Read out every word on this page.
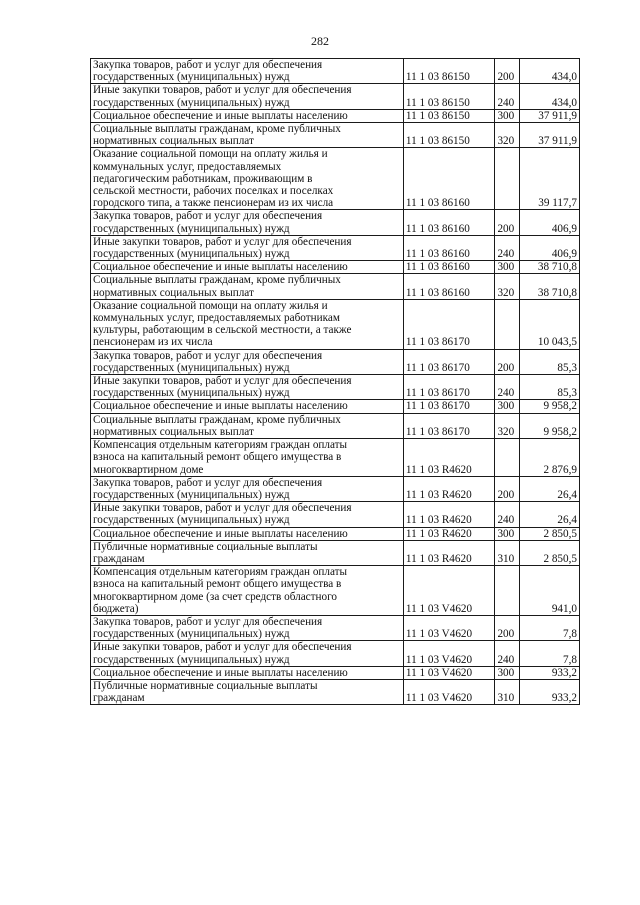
282
Закупка товаров, работ и услуг для обеспечения
государственных (муниципальных) нужд	11 1 03 86150	200	434,0
Иные закупки товаров, работ и услуг для обеспечения
государственных (муниципальных) нужд	11 1 03 86150	240	434,0
Социальное обеспечение и иные выплаты населению	11 1 03 86150	300	37 911,9
Социальные выплаты гражданам, кроме публичных
нормативных социальных выплат	11 1 03 86150	320	37 911,9
Оказание социальной помощи на оплату жилья и
коммунальных услуг, предоставляемых
педагогическим работникам, проживающим в
сельской местности, рабочих поселках и поселках
городского типа, а также пенсионерам из их числа	11 1 03 86160		39 117,7
Закупка товаров, работ и услуг для обеспечения
государственных (муниципальных) нужд	11 1 03 86160	200	406,9
Иные закупки товаров, работ и услуг для обеспечения
государственных (муниципальных) нужд	11 1 03 86160	240	406,9
Социальное обеспечение и иные выплаты населению	11 1 03 86160	300	38 710,8
Социальные выплаты гражданам, кроме публичных
нормативных социальных выплат	11 1 03 86160	320	38 710,8
Оказание социальной помощи на оплату жилья и
коммунальных услуг, предоставляемых работникам
культуры, работающим в сельской местности, а также
пенсионерам из их числа	11 1 03 86170		10 043,5
Закупка товаров, работ и услуг для обеспечения
государственных (муниципальных) нужд	11 1 03 86170	200	85,3
Иные закупки товаров, работ и услуг для обеспечения
государственных (муниципальных) нужд	11 1 03 86170	240	85,3
Социальное обеспечение и иные выплаты населению	11 1 03 86170	300	9 958,2
Социальные выплаты гражданам, кроме публичных
нормативных социальных выплат	11 1 03 86170	320	9 958,2
Компенсация отдельным категориям граждан оплаты
взноса на капитальный ремонт общего имущества в
многоквартирном доме	11 1 03 R4620		2 876,9
Закупка товаров, работ и услуг для обеспечения
государственных (муниципальных) нужд	11 1 03 R4620	200	26,4
Иные закупки товаров, работ и услуг для обеспечения
государственных (муниципальных) нужд	11 1 03 R4620	240	26,4
Социальное обеспечение и иные выплаты населению	11 1 03 R4620	300	2 850,5
Публичные нормативные социальные выплаты
гражданам	11 1 03 R4620	310	2 850,5
Компенсация отдельным категориям граждан оплаты
взноса на капитальный ремонт общего имущества в
многоквартирном доме (за счет средств областного
бюджета)	11 1 03 V4620		941,0
Закупка товаров, работ и услуг для обеспечения
государственных (муниципальных) нужд	11 1 03 V4620	200	7,8
Иные закупки товаров, работ и услуг для обеспечения
государственных (муниципальных) нужд	11 1 03 V4620	240	7,8
Социальное обеспечение и иные выплаты населению	11 1 03 V4620	300	933,2
Публичные нормативные социальные выплаты
гражданам	11 1 03 V4620	310	933,2
